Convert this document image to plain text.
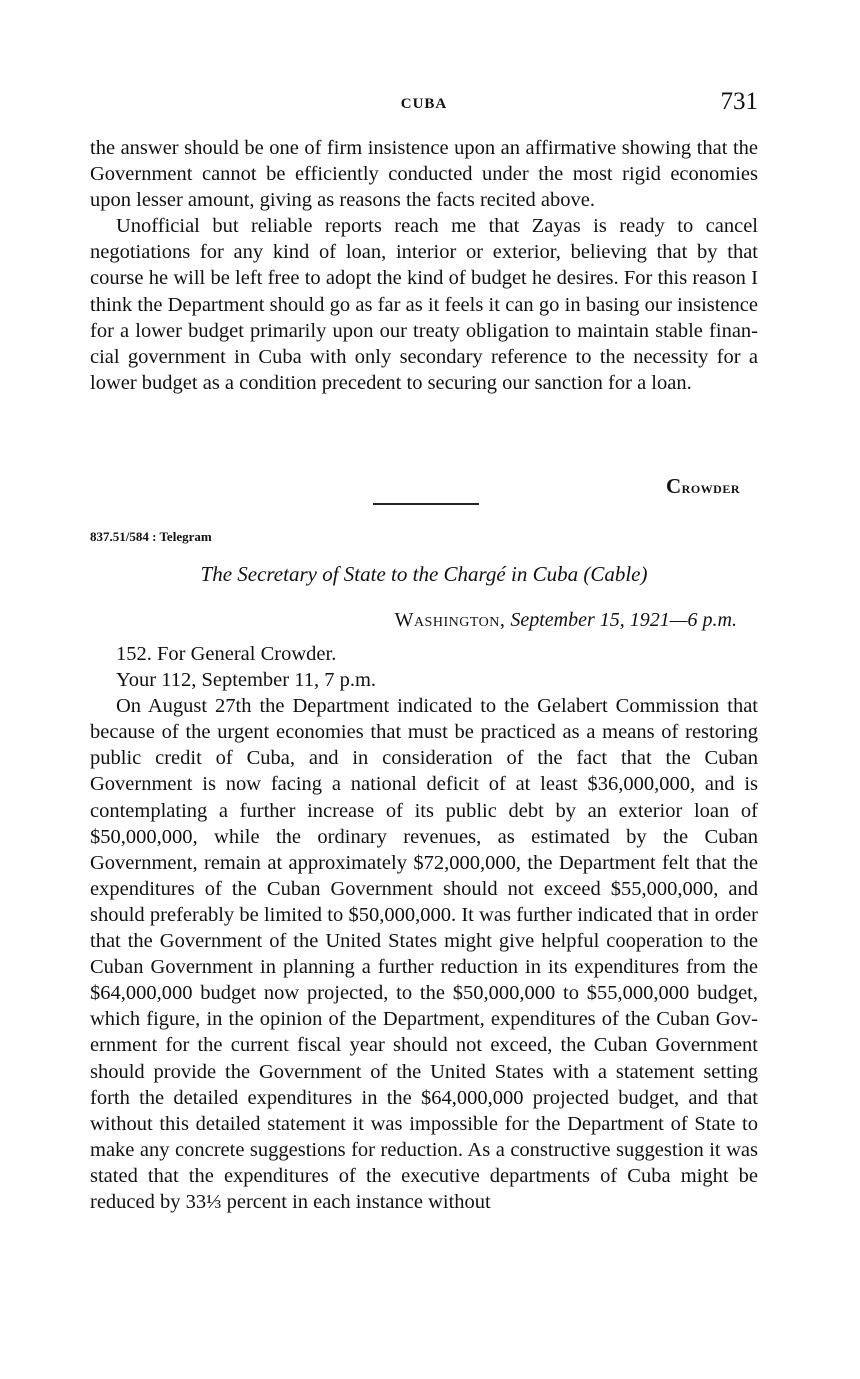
CUBA	731

the answer should be one of firm insistence upon an affirmative showing that the Government cannot be efficiently conducted under the most rigid economies upon lesser amount, giving as reasons the facts recited above.

Unofficial but reliable reports reach me that Zayas is ready to cancel negotiations for any kind of loan, interior or exterior, believing that by that course he will be left free to adopt the kind of budget he desires. For this reason I think the Department should go as far as it feels it can go in basing our insistence for a lower budget primarily upon our treaty obligation to maintain stable financial government in Cuba with only secondary reference to the necessity for a lower budget as a condition precedent to securing our sanction for a loan.

Crowder
837.51/584 : Telegram
The Secretary of State to the Chargé in Cuba (Cable)
Washington, September 15, 1921—6 p.m.

152. For General Crowder.

Your 112, September 11, 7 p.m.

On August 27th the Department indicated to the Gelabert Commission that because of the urgent economies that must be practiced as a means of restoring public credit of Cuba, and in consideration of the fact that the Cuban Government is now facing a national deficit of at least $36,000,000, and is contemplating a further increase of its public debt by an exterior loan of $50,000,000, while the ordinary revenues, as estimated by the Cuban Government, remain at approximately $72,000,000, the Department felt that the expenditures of the Cuban Government should not exceed $55,000,000, and should preferably be limited to $50,000,000. It was further indicated that in order that the Government of the United States might give helpful cooperation to the Cuban Government in planning a further reduction in its expenditures from the $64,000,000 budget now projected, to the $50,000,000 to $55,000,000 budget, which figure, in the opinion of the Department, expenditures of the Cuban Government for the current fiscal year should not exceed, the Cuban Government should provide the Government of the United States with a statement setting forth the detailed expenditures in the $64,000,000 projected budget, and that without this detailed statement it was impossible for the Department of State to make any concrete suggestions for reduction. As a constructive suggestion it was stated that the expenditures of the executive departments of Cuba might be reduced by 33⅓ percent in each instance without
